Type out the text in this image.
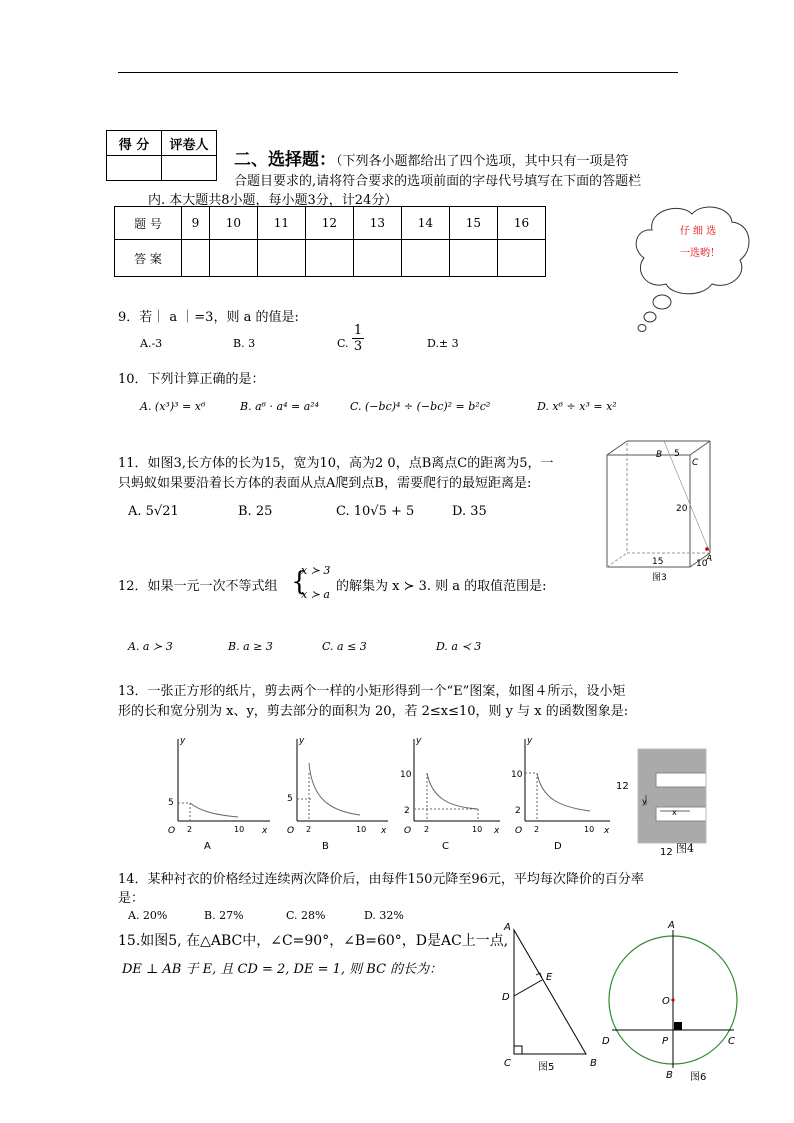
得 分	评卷人

二、选择题：（下列各小题都给出了四个选项，其中只有一项是符
合题目要求的,请将符合要求的选项前面的字母代号填写在下面的答题栏
内. 本大题共8小题，每小题3分，计24分）
题 号	9	10	11	12	13	14	15	16
答 案								
仔 细 选
一选哟！
9．若｜ a ｜=3，则 a 的值是:
A.-3	B. 3	C. $\frac{1}{3}$	D.± 3
10．下列计算正确的是：
A. (x³)³ = x⁶	B. a⁶ · a⁴ = a²⁴	C. (−bc)⁴ ÷ (−bc)² = b²c²	D. x⁶ ÷ x³ = x²
11．如图3,长方体的长为15，宽为10，高为2 0，点B离点C的距离为5，一
只蚂蚁如果要沿着长方体的表面从点A爬到点B，需要爬行的最短距离是:
A. 5√21	B. 25	C. 10√5 + 5	D. 35
B 5
C
20
A
15	10
图3
12．如果一元一次不等式组 {
x ≻ 3
x ≻ a
的解集为 x ≻ 3. 则 a 的取值范围是:
A. a ≻ 3	B. a ≥ 3	C. a ≤ 3	D. a ≺ 3
13．一张正方形的纸片，剪去两个一样的小矩形得到一个“E”图案，如图４所示，设小矩
形的长和宽分别为 x、y，剪去部分的面积为 20，若 2≤x≤10，则 y 与 x 的函数图象是:
y
x
O
5
2	10
A
y
x
O
5
2	10
B
y
x
O
10
2
2	10
C
y
x
O
10
2
2	10
D
12
12
y
x
图4
14．某种衬衣的价格经过连续两次降价后，由每件150元降至96元，平均每次降价的百分率
是：
A. 20%	B. 27%	C. 28%	D. 32%
15.如图5, 在△ABC中，∠C=90°，∠B=60°，D是AC上一点,
DE ⊥ AB 于 E, 且 CD = 2, DE = 1, 则 BC 的长为：
A
D
E
C	B
图5
A
O
D	P	C
B 图6
